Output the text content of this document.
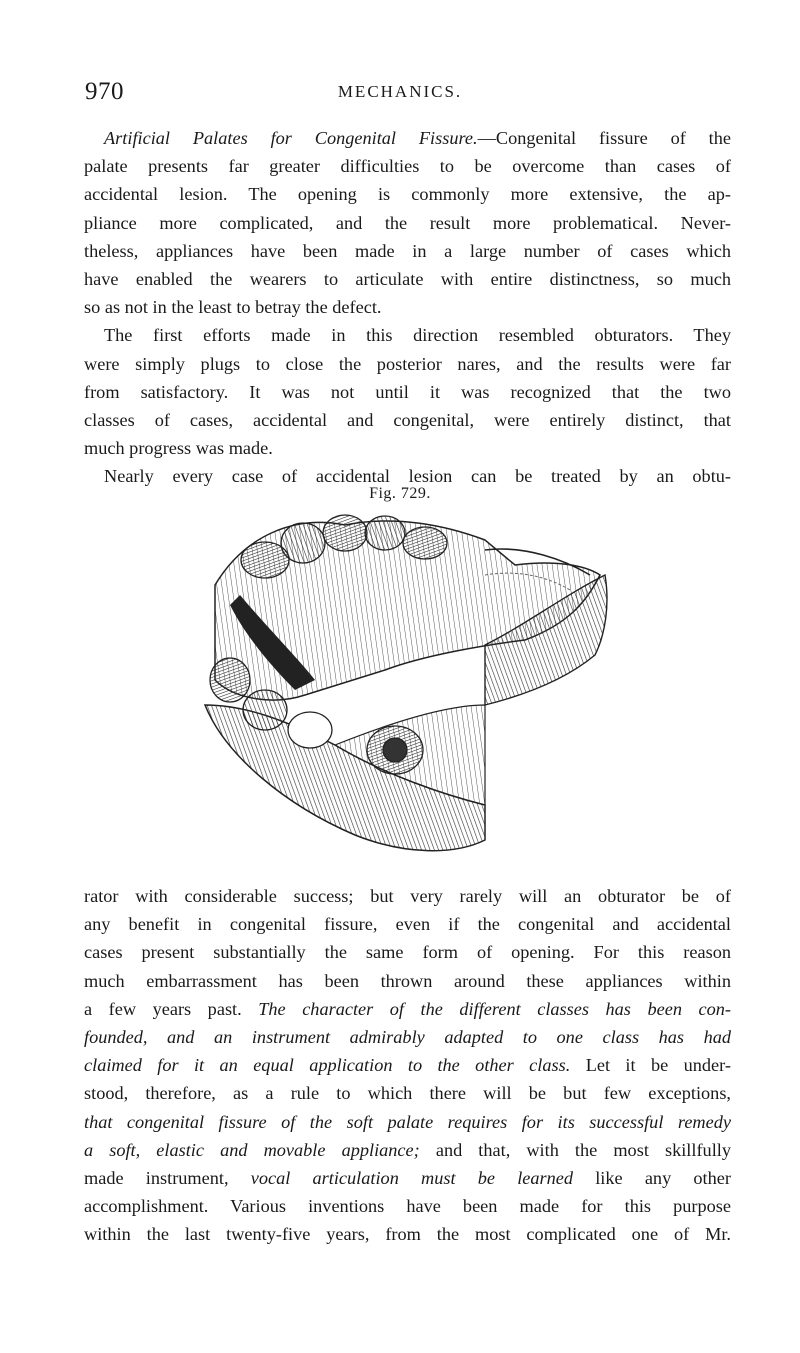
970	MECHANICS.
Artificial Palates for Congenital Fissure.—Congenital fissure of the
palate presents far greater difficulties to be overcome than cases of
accidental lesion. The opening is commonly more extensive, the ap-
pliance more complicated, and the result more problematical. Never-
theless, appliances have been made in a large number of cases which
have enabled the wearers to articulate with entire distinctness, so much
so as not in the least to betray the defect.
The first efforts made in this direction resembled obturators. They
were simply plugs to close the posterior nares, and the results were far
from satisfactory. It was not until it was recognized that the two
classes of cases, accidental and congenital, were entirely distinct, that
much progress was made.
Nearly every case of accidental lesion can be treated by an obtu-
Fig. 729.
rator with considerable success; but very rarely will an obturator be of
any benefit in congenital fissure, even if the congenital and accidental
cases present substantially the same form of opening. For this reason
much embarrassment has been thrown around these appliances within
a few years past. The character of the different classes has been con-
founded, and an instrument admirably adapted to one class has had
claimed for it an equal application to the other class. Let it be under-
stood, therefore, as a rule to which there will be but few exceptions,
that congenital fissure of the soft palate requires for its successful remedy
a soft, elastic and movable appliance; and that, with the most skillfully
made instrument, vocal articulation must be learned like any other
accomplishment. Various inventions have been made for this purpose
within the last twenty-five years, from the most complicated one of Mr.
